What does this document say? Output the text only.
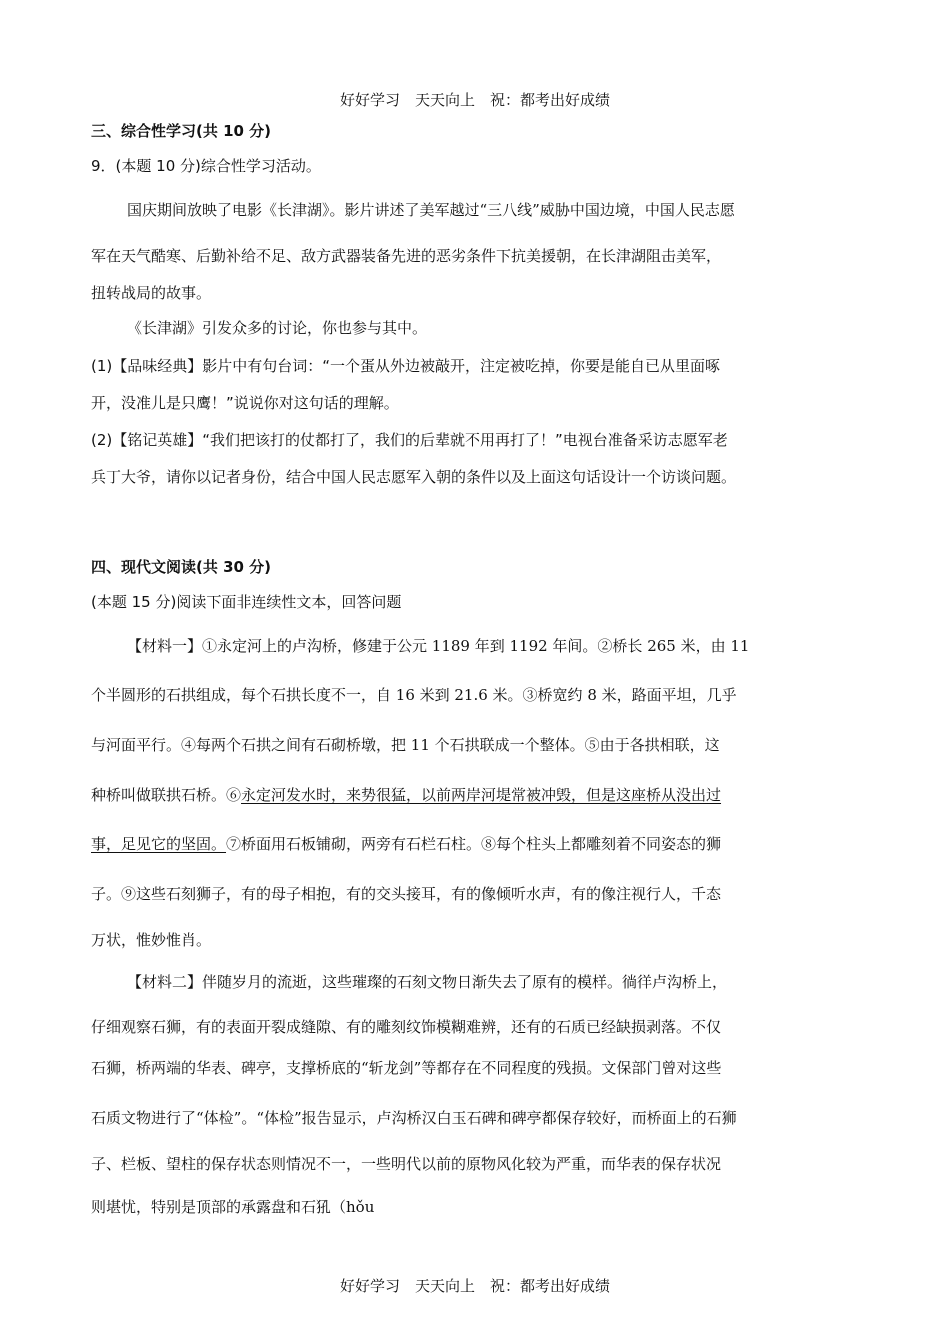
好好学习　天天向上　祝：都考出好成绩
三、综合性学习(共 10 分)
9．(本题 10 分)综合性学习活动。
国庆期间放映了电影《长津湖》。影片讲述了美军越过“三八线”威胁中国边境，中国人民志愿
军在天气酷寒、后勤补给不足、敌方武器装备先进的恶劣条件下抗美援朝，在长津湖阻击美军，
扭转战局的故事。
《长津湖》引发众多的讨论，你也参与其中。
(1)【品味经典】影片中有句台词：“一个蛋从外边被敲开，注定被吃掉，你要是能自已从里面啄
开，没准儿是只鹰！”说说你对这句话的理解。
(2)【铭记英雄】“我们把该打的仗都打了，我们的后辈就不用再打了！”电视台准备采访志愿军老
兵丁大爷，请你以记者身份，结合中国人民志愿军入朝的条件以及上面这句话设计一个访谈问题。
四、现代文阅读(共 30 分)
(本题 15 分)阅读下面非连续性文本，回答问题
【材料一】①永定河上的卢沟桥，修建于公元 1189 年到 1192 年间。②桥长 265 米，由 11
个半圆形的石拱组成，每个石拱长度不一，自 16 米到 21.6 米。③桥宽约 8 米，路面平坦，几乎
与河面平行。④每两个石拱之间有石砌桥墩，把 11 个石拱联成一个整体。⑤由于各拱相联，这
种桥叫做联拱石桥。⑥永定河发水时，来势很猛，以前两岸河堤常被冲毁，但是这座桥从没出过
事，足见它的坚固。⑦桥面用石板铺砌，两旁有石栏石柱。⑧每个柱头上都雕刻着不同姿态的狮
子。⑨这些石刻狮子，有的母子相抱，有的交头接耳，有的像倾听水声，有的像注视行人，千态
万状，惟妙惟肖。
【材料二】伴随岁月的流逝，这些璀璨的石刻文物日渐失去了原有的模样。徜徉卢沟桥上，
仔细观察石狮，有的表面开裂成缝隙、有的雕刻纹饰模糊难辨，还有的石质已经缺损剥落。不仅
石狮，桥两端的华表、碑亭，支撑桥底的“斩龙剑”等都存在不同程度的残损。文保部门曾对这些
石质文物进行了“体检”。“体检”报告显示，卢沟桥汉白玉石碑和碑亭都保存较好，而桥面上的石狮
子、栏板、望柱的保存状态则情况不一，一些明代以前的原物风化较为严重，而华表的保存状况
则堪忧，特别是顶部的承露盘和石犼（hǒu
好好学习　天天向上　祝：都考出好成绩
